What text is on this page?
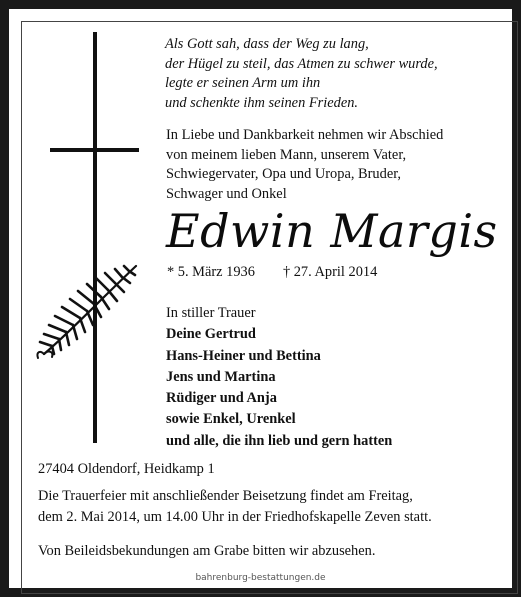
Als Gott sah, dass der Weg zu lang,
der Hügel zu steil, das Atmen zu schwer wurde,
legte er seinen Arm um ihn
und schenkte ihm seinen Frieden.
In Liebe und Dankbarkeit nehmen wir Abschied
von meinem lieben Mann, unserem Vater,
Schwiegervater, Opa und Uropa, Bruder,
Schwager und Onkel
Edwin Margis
* 5. März 1936 † 27. April 2014
In stiller Trauer
Deine Gertrud
Hans-Heiner und Bettina
Jens und Martina
Rüdiger und Anja
sowie Enkel, Urenkel
und alle, die ihn lieb und gern hatten
27404 Oldendorf, Heidkamp 1
Die Trauerfeier mit anschließender Beisetzung findet am Freitag,
dem 2. Mai 2014, um 14.00 Uhr in der Friedhofskapelle Zeven statt.
Von Beileidsbekundungen am Grabe bitten wir abzusehen.
bahrenburg-bestattungen.de
